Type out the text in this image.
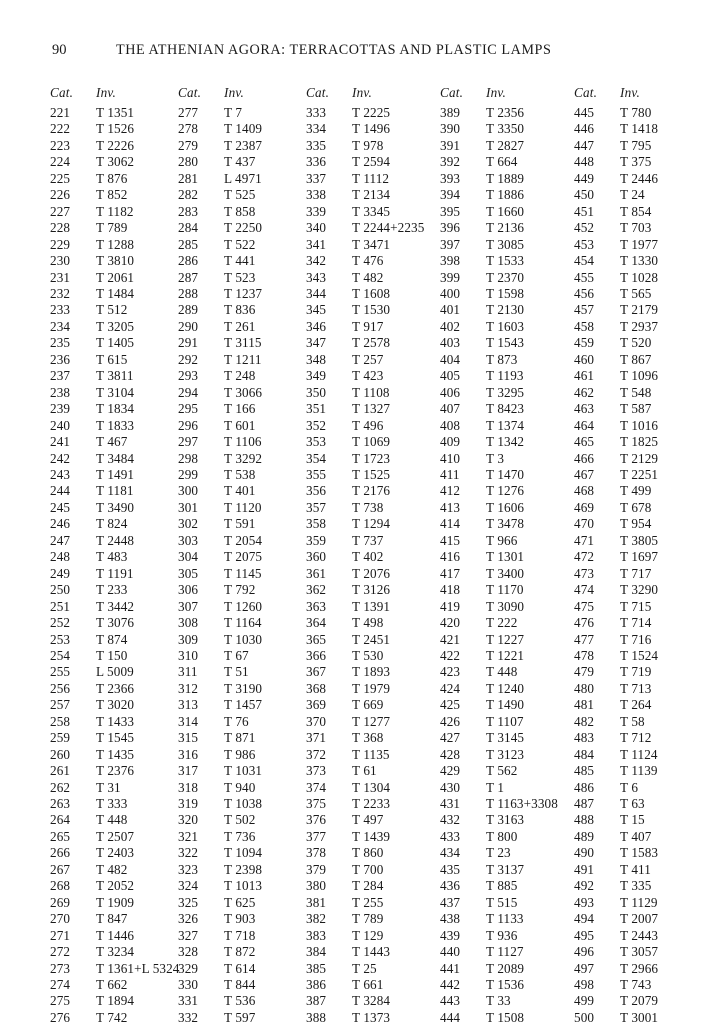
90	THE ATHENIAN AGORA: TERRACOTTAS AND PLASTIC LAMPS
Cat.	Inv.
221	T 1351
222	T 1526
223	T 2226
224	T 3062
225	T 876
226	T 852
227	T 1182
228	T 789
229	T 1288
230	T 3810
231	T 2061
232	T 1484
233	T 512
234	T 3205
235	T 1405
236	T 615
237	T 3811
238	T 3104
239	T 1834
240	T 1833
241	T 467
242	T 3484
243	T 1491
244	T 1181
245	T 3490
246	T 824
247	T 2448
248	T 483
249	T 1191
250	T 233
251	T 3442
252	T 3076
253	T 874
254	T 150
255	L 5009
256	T 2366
257	T 3020
258	T 1433
259	T 1545
260	T 1435
261	T 2376
262	T 31
263	T 333
264	T 448
265	T 2507
266	T 2403
267	T 482
268	T 2052
269	T 1909
270	T 847
271	T 1446
272	T 3234
273	T 1361+L 5324
274	T 662
275	T 1894
276	T 742
Cat.	Inv.
277	T 7
278	T 1409
279	T 2387
280	T 437
281	L 4971
282	T 525
283	T 858
284	T 2250
285	T 522
286	T 441
287	T 523
288	T 1237
289	T 836
290	T 261
291	T 3115
292	T 1211
293	T 248
294	T 3066
295	T 166
296	T 601
297	T 1106
298	T 3292
299	T 538
300	T 401
301	T 1120
302	T 591
303	T 2054
304	T 2075
305	T 1145
306	T 792
307	T 1260
308	T 1164
309	T 1030
310	T 67
311	T 51
312	T 3190
313	T 1457
314	T 76
315	T 871
316	T 986
317	T 1031
318	T 940
319	T 1038
320	T 502
321	T 736
322	T 1094
323	T 2398
324	T 1013
325	T 625
326	T 903
327	T 718
328	T 872
329	T 614
330	T 844
331	T 536
332	T 597
Cat.	Inv.
333	T 2225
334	T 1496
335	T 978
336	T 2594
337	T 1112
338	T 2134
339	T 3345
340	T 2244+2235
341	T 3471
342	T 476
343	T 482
344	T 1608
345	T 1530
346	T 917
347	T 2578
348	T 257
349	T 423
350	T 1108
351	T 1327
352	T 496
353	T 1069
354	T 1723
355	T 1525
356	T 2176
357	T 738
358	T 1294
359	T 737
360	T 402
361	T 2076
362	T 3126
363	T 1391
364	T 498
365	T 2451
366	T 530
367	T 1893
368	T 1979
369	T 669
370	T 1277
371	T 368
372	T 1135
373	T 61
374	T 1304
375	T 2233
376	T 497
377	T 1439
378	T 860
379	T 700
380	T 284
381	T 255
382	T 789
383	T 129
384	T 1443
385	T 25
386	T 661
387	T 3284
388	T 1373
Cat.	Inv.
389	T 2356
390	T 3350
391	T 2827
392	T 664
393	T 1889
394	T 1886
395	T 1660
396	T 2136
397	T 3085
398	T 1533
399	T 2370
400	T 1598
401	T 2130
402	T 1603
403	T 1543
404	T 873
405	T 1193
406	T 3295
407	T 8423
408	T 1374
409	T 1342
410	T 3
411	T 1470
412	T 1276
413	T 1606
414	T 3478
415	T 966
416	T 1301
417	T 3400
418	T 1170
419	T 3090
420	T 222
421	T 1227
422	T 1221
423	T 448
424	T 1240
425	T 1490
426	T 1107
427	T 3145
428	T 3123
429	T 562
430	T 1
431	T 1163+3308
432	T 3163
433	T 800
434	T 23
435	T 3137
436	T 885
437	T 515
438	T 1133
439	T 936
440	T 1127
441	T 2089
442	T 1536
443	T 33
444	T 1508
Cat.	Inv.
445	T 780
446	T 1418
447	T 795
448	T 375
449	T 2446
450	T 24
451	T 854
452	T 703
453	T 1977
454	T 1330
455	T 1028
456	T 565
457	T 2179
458	T 2937
459	T 520
460	T 867
461	T 1096
462	T 548
463	T 587
464	T 1016
465	T 1825
466	T 2129
467	T 2251
468	T 499
469	T 678
470	T 954
471	T 3805
472	T 1697
473	T 717
474	T 3290
475	T 715
476	T 714
477	T 716
478	T 1524
479	T 719
480	T 713
481	T 264
482	T 58
483	T 712
484	T 1124
485	T 1139
486	T 6
487	T 63
488	T 15
489	T 407
490	T 1583
491	T 411
492	T 335
493	T 1129
494	T 2007
495	T 2443
496	T 3057
497	T 2966
498	T 743
499	T 2079
500	T 3001
